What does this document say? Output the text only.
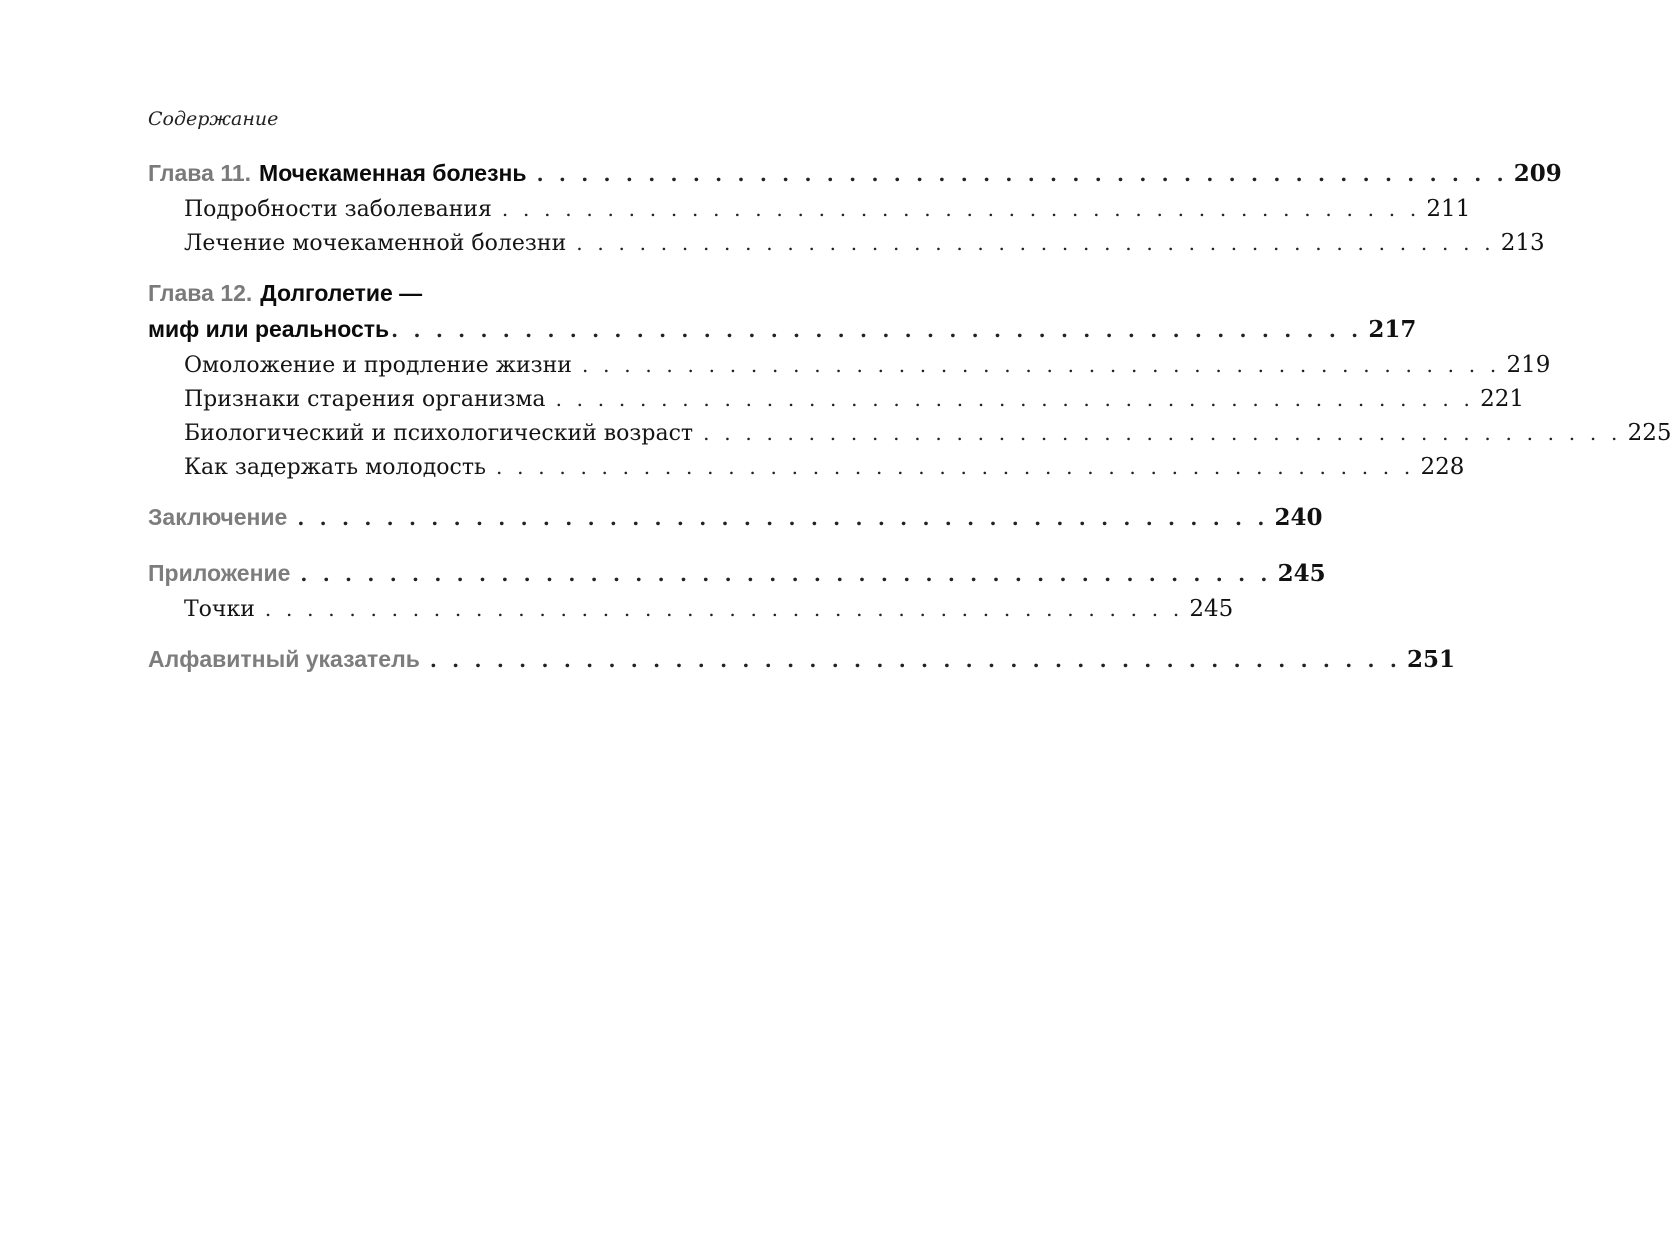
Содержание
Глава 11. Мочекаменная болезнь . . . . . . . . . . . . . . . . . . . . . . . . . . . . . . . . . . . . . . . . . . . . 209
Подробности заболевания . . . . . . . . . . . . . . . . . . . . . . . . . . . . . . . . . . . . . . . . . . . . 211
Лечение мочекаменной болезни . . . . . . . . . . . . . . . . . . . . . . . . . . . . . . . . . . . . . . . . . . . . 213
Глава 12. Долголетие —
миф или реальность . . . . . . . . . . . . . . . . . . . . . . . . . . . . . . . . . . . . . . . . . . . . 217
Омоложение и продление жизни . . . . . . . . . . . . . . . . . . . . . . . . . . . . . . . . . . . . . . . . . . . . 219
Признаки старения организма . . . . . . . . . . . . . . . . . . . . . . . . . . . . . . . . . . . . . . . . . . . . 221
Биологический и психологический возраст . . . . . . . . . . . . . . . . . . . . . . . . . . . . . . . . . . . . . . . . . . . . 225
Как задержать молодость . . . . . . . . . . . . . . . . . . . . . . . . . . . . . . . . . . . . . . . . . . . . 228
Заключение . . . . . . . . . . . . . . . . . . . . . . . . . . . . . . . . . . . . . . . . . . . . 240
Приложение . . . . . . . . . . . . . . . . . . . . . . . . . . . . . . . . . . . . . . . . . . . . 245
Точки . . . . . . . . . . . . . . . . . . . . . . . . . . . . . . . . . . . . . . . . . . . . 245
Алфавитный указатель . . . . . . . . . . . . . . . . . . . . . . . . . . . . . . . . . . . . . . . . . . . . 251
